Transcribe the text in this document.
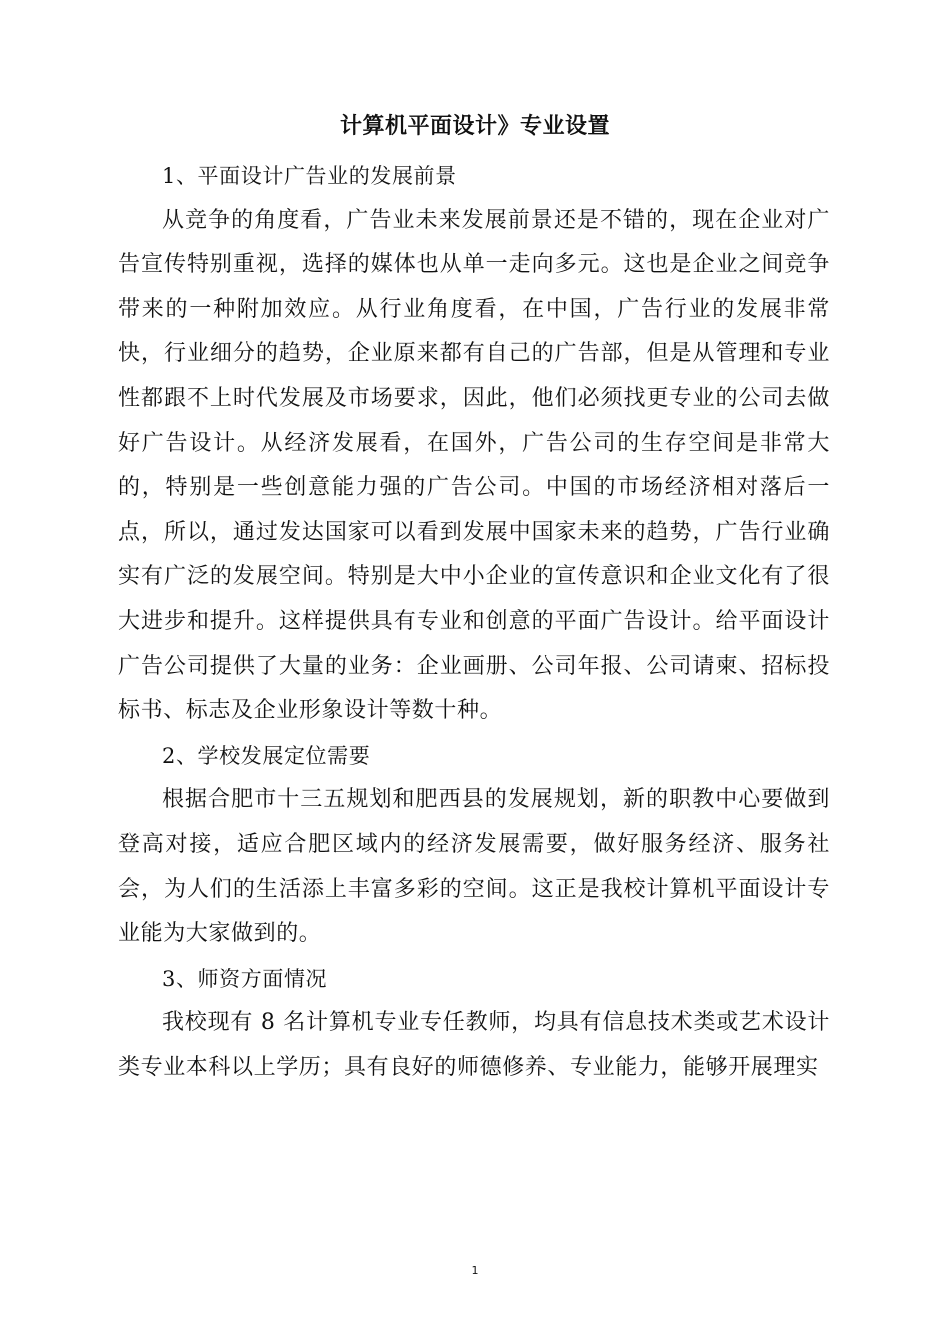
计算机平面设计》专业设置

1、平面设计广告业的发展前景

从竞争的角度看，广告业未来发展前景还是不错的，现在企业对广告宣传特别重视，选择的媒体也从单一走向多元。这也是企业之间竞争带来的一种附加效应。从行业角度看，在中国，广告行业的发展非常快，行业细分的趋势，企业原来都有自己的广告部，但是从管理和专业性都跟不上时代发展及市场要求，因此，他们必须找更专业的公司去做好广告设计。从经济发展看，在国外，广告公司的生存空间是非常大的，特别是一些创意能力强的广告公司。中国的市场经济相对落后一点，所以，通过发达国家可以看到发展中国家未来的趋势，广告行业确实有广泛的发展空间。特别是大中小企业的宣传意识和企业文化有了很大进步和提升。这样提供具有专业和创意的平面广告设计。给平面设计广告公司提供了大量的业务：企业画册、公司年报、公司请柬、招标投标书、标志及企业形象设计等数十种。

2、学校发展定位需要

根据合肥市十三五规划和肥西县的发展规划，新的职教中心要做到登高对接，适应合肥区域内的经济发展需要，做好服务经济、服务社会，为人们的生活添上丰富多彩的空间。这正是我校计算机平面设计专业能为大家做到的。

3、师资方面情况

我校现有 8 名计算机专业专任教师，均具有信息技术类或艺术设计类专业本科以上学历；具有良好的师德修养、专业能力，能够开展理实

1
